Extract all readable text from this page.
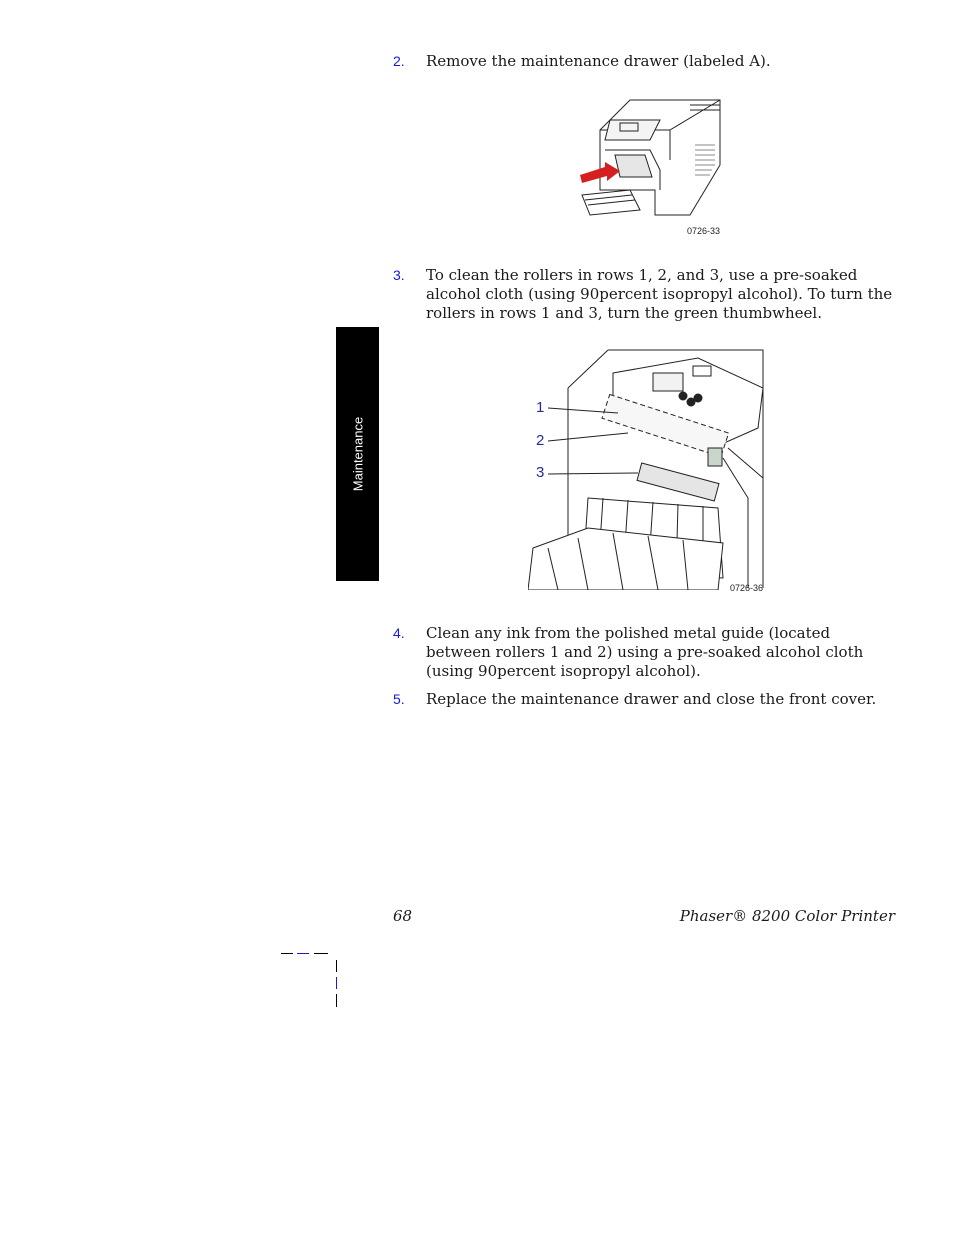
2. Remove the maintenance drawer (labeled A).
0726-33
3. To clean the rollers in rows 1, 2, and 3, use a pre-soaked alcohol cloth (using 90percent isopropyl alcohol). To turn the rollers in rows 1 and 3, turn the green thumbwheel.
Maintenance
1
2
3
0726-36
4. Clean any ink from the polished metal guide (located between rollers 1 and 2) using a pre-soaked alcohol cloth (using 90percent isopropyl alcohol).
5. Replace the maintenance drawer and close the front cover.
68	Phaser® 8200 Color Printer
